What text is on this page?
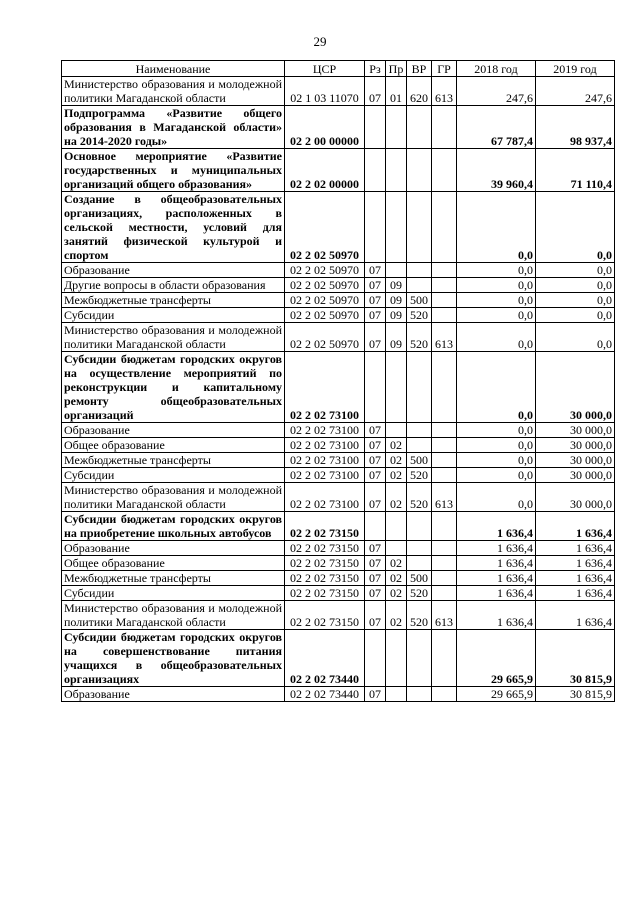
29
Наименование	ЦСР	Рз	Пр	ВР	ГР	2018 год	2019 год
Министерство образования и молодежной политики Магаданской области	02 1 03 11070	07	01	620	613	247,6	247,6
Подпрограмма «Развитие общего образования в Магаданской области» на 2014-2020 годы»	02 2 00 00000					67 787,4	98 937,4
Основное мероприятие «Развитие государственных и муниципальных организаций общего образования»	02 2 02 00000					39 960,4	71 110,4
Создание в общеобразовательных организациях, расположенных в сельской местности, условий для занятий физической культурой и спортом	02 2 02 50970					0,0	0,0
Образование	02 2 02 50970	07				0,0	0,0
Другие вопросы в области образования	02 2 02 50970	07	09			0,0	0,0
Межбюджетные трансферты	02 2 02 50970	07	09	500		0,0	0,0
Субсидии	02 2 02 50970	07	09	520		0,0	0,0
Министерство образования и молодежной политики Магаданской области	02 2 02 50970	07	09	520	613	0,0	0,0
Субсидии бюджетам городских округов на осуществление мероприятий по реконструкции и капитальному ремонту общеобразовательных организаций	02 2 02 73100					0,0	30 000,0
Образование	02 2 02 73100	07				0,0	30 000,0
Общее образование	02 2 02 73100	07	02			0,0	30 000,0
Межбюджетные трансферты	02 2 02 73100	07	02	500		0,0	30 000,0
Субсидии	02 2 02 73100	07	02	520		0,0	30 000,0
Министерство образования и молодежной политики Магаданской области	02 2 02 73100	07	02	520	613	0,0	30 000,0
Субсидии бюджетам городских округов на приобретение школьных автобусов	02 2 02 73150					1 636,4	1 636,4
Образование	02 2 02 73150	07				1 636,4	1 636,4
Общее образование	02 2 02 73150	07	02			1 636,4	1 636,4
Межбюджетные трансферты	02 2 02 73150	07	02	500		1 636,4	1 636,4
Субсидии	02 2 02 73150	07	02	520		1 636,4	1 636,4
Министерство образования и молодежной политики Магаданской области	02 2 02 73150	07	02	520	613	1 636,4	1 636,4
Субсидии бюджетам городских округов на совершенствование питания учащихся в общеобразовательных организациях	02 2 02 73440					29 665,9	30 815,9
Образование	02 2 02 73440	07				29 665,9	30 815,9
